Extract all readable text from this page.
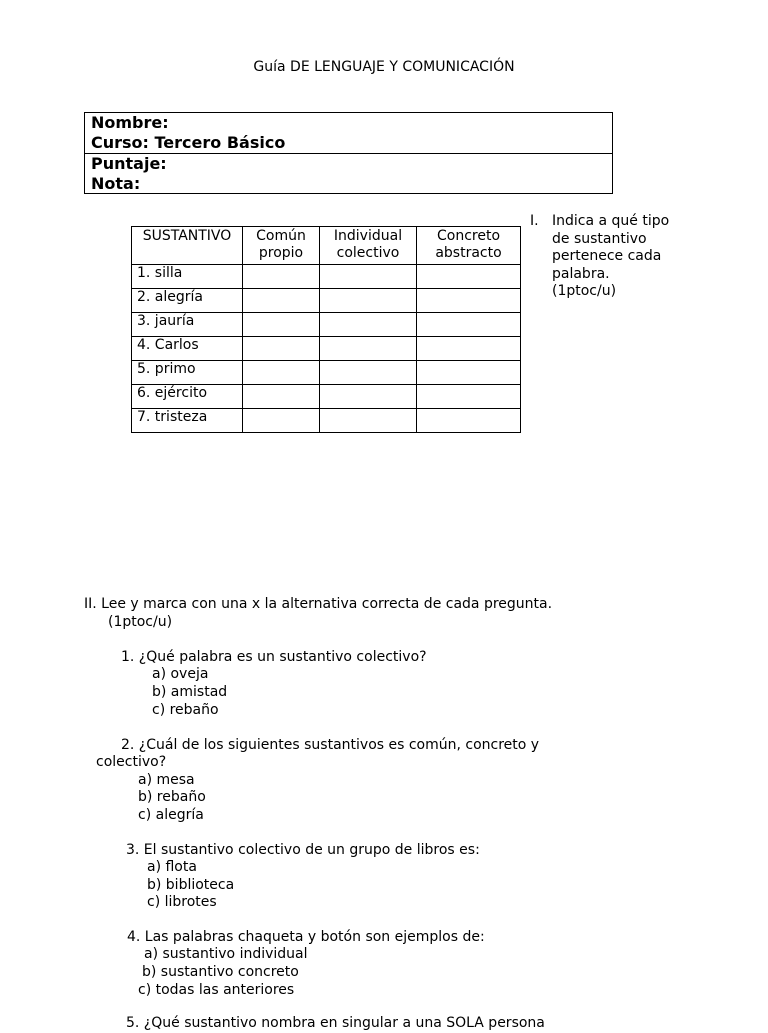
Guía DE LENGUAJE Y COMUNICACIÓN
Nombre:
Curso: Tercero Básico
Puntaje:
Nota:
SUSTANTIVO	Común propio	Individual colectivo	Concreto abstracto
1. silla			
2. alegría			
3. jauría			
4. Carlos			
5. primo			
6. ejército			
7. tristeza			
I. Indica a qué tipo de sustantivo pertenece cada palabra. (1ptoc/u)
II. Lee y marca con una x la alternativa correcta de cada pregunta.
(1ptoc/u)
1. ¿Qué palabra es un sustantivo colectivo?
a) oveja
b) amistad
c) rebaño
2. ¿Cuál de los siguientes sustantivos es común, concreto y
colectivo?
a) mesa
b) rebaño
c) alegría
3. El sustantivo colectivo de un grupo de libros es:
a) flota
b) biblioteca
c) librotes
4. Las palabras chaqueta y botón son ejemplos de:
a) sustantivo individual
b) sustantivo concreto
c) todas las anteriores
5. ¿Qué sustantivo nombra en singular a una SOLA persona
